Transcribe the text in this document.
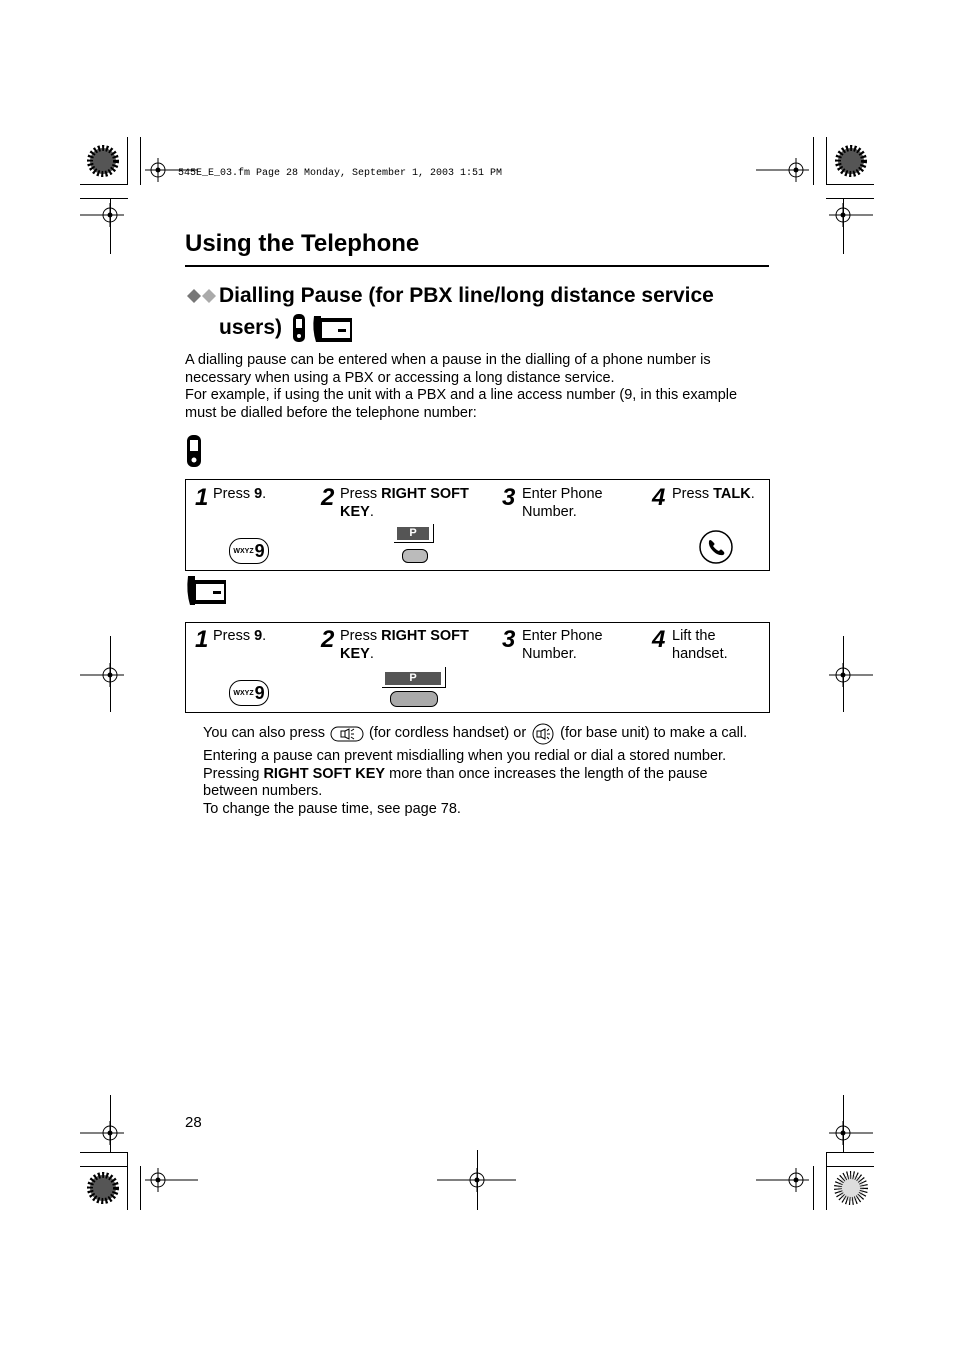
545E_E_03.fm Page 28 Monday, September 1, 2003 1:51 PM
Using the Telephone
Dialling Pause (for PBX line/long distance service
users)

A dialling pause can be entered when a pause in the dialling of a phone number is

necessary when using a PBX or accessing a long distance service.

For example, if using the unit with a PBX and a line access number (9, in this example

must be dialled before the telephone number:

1 Press 9.
WXYZ 9
2 Press RIGHT SOFT
KEY.
P
3 Enter Phone
Number.
4 Press TALK.
1 Press 9.
WXYZ 9
2 Press RIGHT SOFT
KEY.
P
3 Enter Phone
Number.
4 Lift the
handset.

You can also press	(for cordless handset) or (for base unit) to make a call.

Entering a pause can prevent misdialling when you redial or dial a stored number.

Pressing RIGHT SOFT KEY more than once increases the length of the pause

between numbers.

To change the pause time, see page 78.

28
